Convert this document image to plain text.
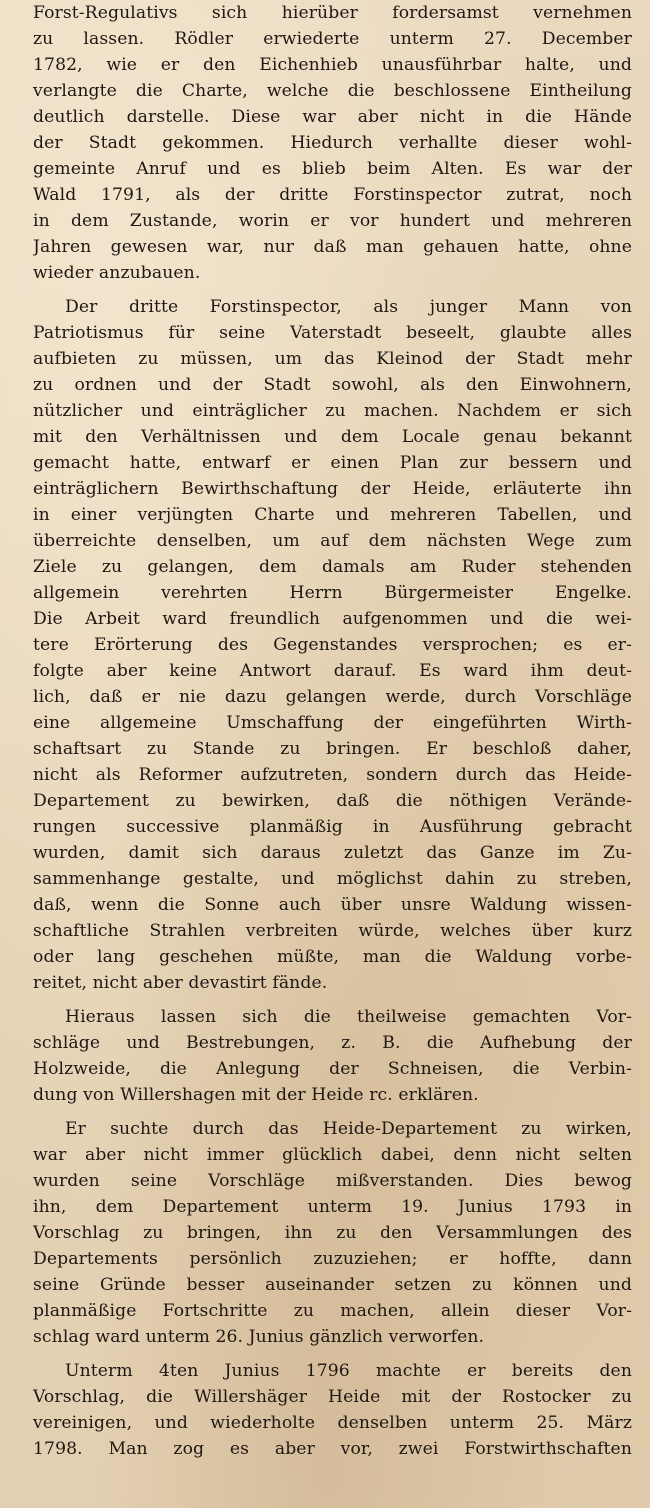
Forst-Regulativs sich hierüber fordersamst vernehmen
zu lassen. Rödler erwiederte unterm 27. December
1782, wie er den Eichenhieb unausführbar halte, und
verlangte die Charte, welche die beschlossene Eintheilung
deutlich darstelle. Diese war aber nicht in die Hände
der Stadt gekommen. Hiedurch verhallte dieser wohl-
gemeinte Anruf und es blieb beim Alten. Es war der
Wald 1791, als der dritte Forstinspector zutrat, noch
in dem Zustande, worin er vor hundert und mehreren
Jahren gewesen war, nur daß man gehauen hatte, ohne
wieder anzubauen.
Der dritte Forstinspector, als junger Mann von
Patriotismus für seine Vaterstadt beseelt, glaubte alles
aufbieten zu müssen, um das Kleinod der Stadt mehr
zu ordnen und der Stadt sowohl, als den Einwohnern,
nützlicher und einträglicher zu machen. Nachdem er sich
mit den Verhältnissen und dem Locale genau bekannt
gemacht hatte, entwarf er einen Plan zur bessern und
einträglichern Bewirthschaftung der Heide, erläuterte ihn
in einer verjüngten Charte und mehreren Tabellen, und
überreichte denselben, um auf dem nächsten Wege zum
Ziele zu gelangen, dem damals am Ruder stehenden
allgemein verehrten Herrn Bürgermeister Engelke.
Die Arbeit ward freundlich aufgenommen und die wei-
tere Erörterung des Gegenstandes versprochen; es er-
folgte aber keine Antwort darauf. Es ward ihm deut-
lich, daß er nie dazu gelangen werde, durch Vorschläge
eine allgemeine Umschaffung der eingeführten Wirth-
schaftsart zu Stande zu bringen. Er beschloß daher,
nicht als Reformer aufzutreten, sondern durch das Heide-
Departement zu bewirken, daß die nöthigen Verände-
rungen successive planmäßig in Ausführung gebracht
wurden, damit sich daraus zuletzt das Ganze im Zu-
sammenhange gestalte, und möglichst dahin zu streben,
daß, wenn die Sonne auch über unsre Waldung wissen-
schaftliche Strahlen verbreiten würde, welches über kurz
oder lang geschehen müßte, man die Waldung vorbe-
reitet, nicht aber devastirt fände.
Hieraus lassen sich die theilweise gemachten Vor-
schläge und Bestrebungen, z. B. die Aufhebung der
Holzweide, die Anlegung der Schneisen, die Verbin-
dung von Willershagen mit der Heide rc. erklären.
Er suchte durch das Heide-Departement zu wirken,
war aber nicht immer glücklich dabei, denn nicht selten
wurden seine Vorschläge mißverstanden. Dies bewog
ihn, dem Departement unterm 19. Junius 1793 in
Vorschlag zu bringen, ihn zu den Versammlungen des
Departements persönlich zuzuziehen; er hoffte, dann
seine Gründe besser auseinander setzen zu können und
planmäßige Fortschritte zu machen, allein dieser Vor-
schlag ward unterm 26. Junius gänzlich verworfen.
Unterm 4ten Junius 1796 machte er bereits den
Vorschlag, die Willershäger Heide mit der Rostocker zu
vereinigen, und wiederholte denselben unterm 25. März
1798. Man zog es aber vor, zwei Forstwirthschaften
